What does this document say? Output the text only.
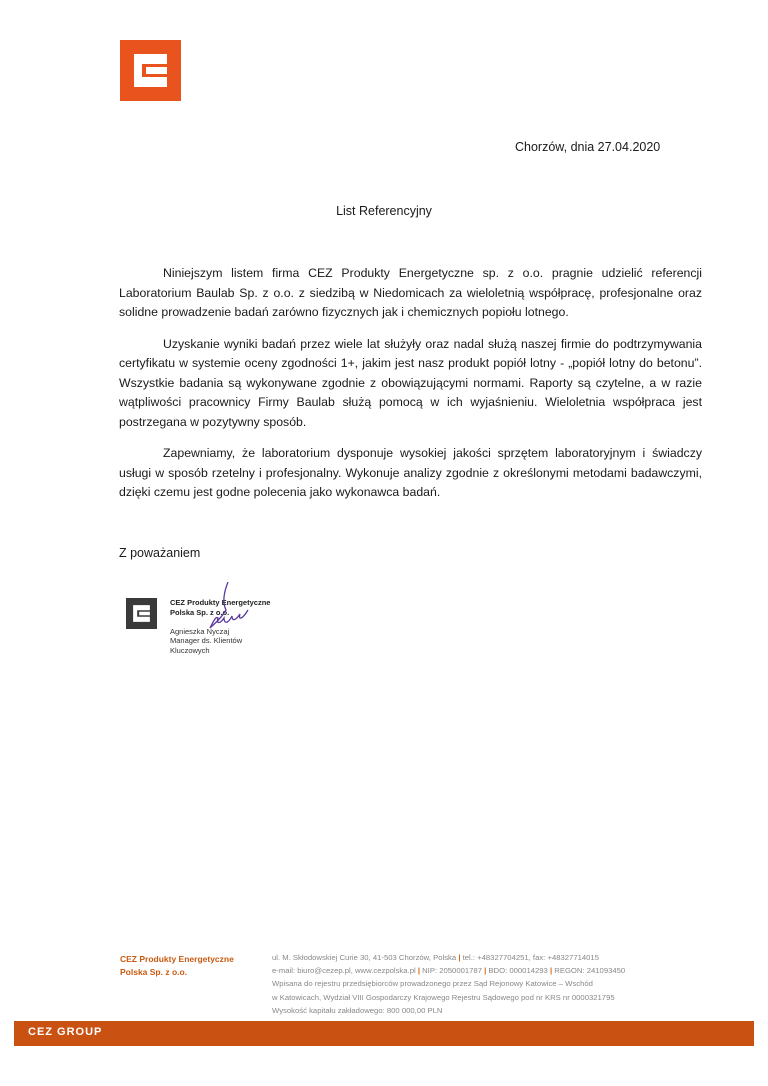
Chorzów, dnia 27.04.2020
List Referencyjny

Niniejszym listem firma CEZ Produkty Energetyczne sp. z o.o. pragnie udzielić referencji Laboratorium Baulab Sp. z o.o. z siedzibą w Niedomicach za wieloletnią współpracę, profesjonalne oraz solidne prowadzenie badań zarówno fizycznych jak i chemicznych popiołu lotnego.

Uzyskanie wyniki badań przez wiele lat służyły oraz nadal służą naszej firmie do podtrzymywania certyfikatu w systemie oceny zgodności 1+, jakim jest nasz produkt popiół lotny - „popiół lotny do betonu”. Wszystkie badania są wykonywane zgodnie z obowiązującymi normami. Raporty są czytelne, a w razie wątpliwości pracownicy Firmy Baulab służą pomocą w ich wyjaśnieniu. Wieloletnia współpraca jest postrzegana w pozytywny sposób.

Zapewniamy, że laboratorium dysponuje wysokiej jakości sprzętem laboratoryjnym i świadczy usługi w sposób rzetelny i profesjonalny. Wykonuje analizy zgodnie z określonymi metodami badawczymi, dzięki czemu jest godne polecenia jako wykonawca badań.

Z poważaniem
CEZ Produkty Energetyczne
Polska Sp. z o.o.

Agnieszka Nyczaj
Manager ds. Klientów
Kluczowych
CEZ Produkty Energetyczne
Polska Sp. z o.o.
ul. M. Skłodowskiej Curie 30, 41-503 Chorzów, Polska | tel.: +48327704251, fax: +48327714015
e-mail: biuro@cezep.pl, www.cezpolska.pl | NIP: 2050001787 | BDO: 000014293 | REGON: 241093450
Wpisana do rejestru przedsiębiorców prowadzonego przez Sąd Rejonowy Katowice – Wschód
w Katowicach, Wydział VIII Gospodarczy Krajowego Rejestru Sądowego pod nr KRS nr 0000321795
Wysokość kapitału zakładowego: 800 000,00 PLN
CEZ GROUP
